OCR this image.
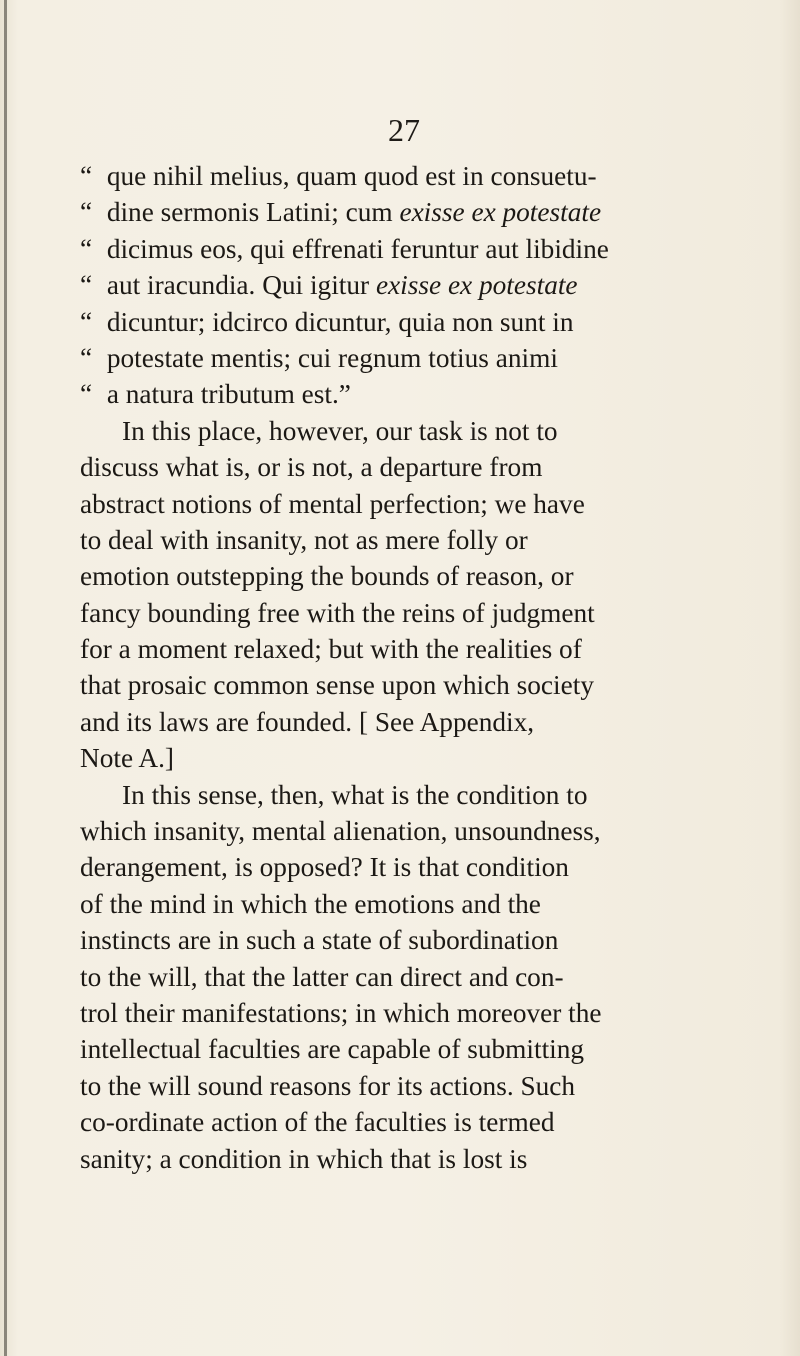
27
“ que nihil melius, quam quod est in consuetu-
“ dine sermonis Latini; cum exisse ex potestate
“ dicimus eos, qui effrenati feruntur aut libidine
“ aut iracundia. Qui igitur exisse ex potestate
“ dicuntur; idcirco dicuntur, quia non sunt in
“ potestate mentis; cui regnum totius animi
“ a natura tributum est.”
In this place, however, our task is not to
discuss what is, or is not, a departure from
abstract notions of mental perfection; we have
to deal with insanity, not as mere folly or
emotion outstepping the bounds of reason, or
fancy bounding free with the reins of judgment
for a moment relaxed; but with the realities of
that prosaic common sense upon which society
and its laws are founded. [ See Appendix,
Note A.]
In this sense, then, what is the condition to
which insanity, mental alienation, unsoundness,
derangement, is opposed? It is that condition
of the mind in which the emotions and the
instincts are in such a state of subordination
to the will, that the latter can direct and con-
trol their manifestations; in which moreover the
intellectual faculties are capable of submitting
to the will sound reasons for its actions. Such
co-ordinate action of the faculties is termed
sanity; a condition in which that is lost is
